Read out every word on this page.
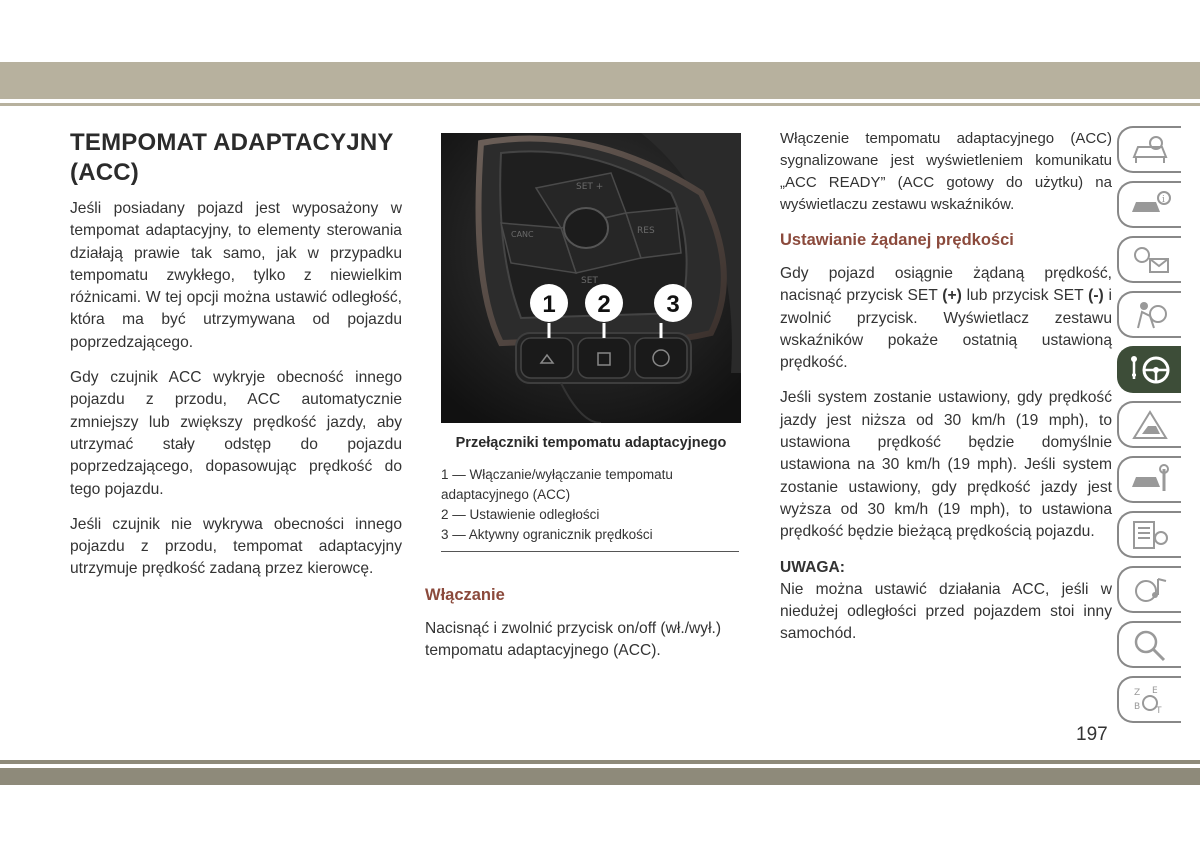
TEMPOMAT ADAPTACYJNY (ACC)

Jeśli posiadany pojazd jest wyposażony w tempomat adaptacyjny, to elementy sterowania działają prawie tak samo, jak w przypadku tempomatu zwykłego, tylko z niewielkim różnicami. W tej opcji można ustawić odległość, która ma być utrzymywana od pojazdu poprzedzającego.

Gdy czujnik ACC wykryje obecność innego pojazdu z przodu, ACC automatycznie zmniejszy lub zwiększy prędkość jazdy, aby utrzymać stały odstęp do pojazdu poprzedzającego, dopasowując prędkość do tego pojazdu.

Jeśli czujnik nie wykrywa obecności innego pojazdu z przodu, tempomat adaptacyjny utrzymuje prędkość zadaną przez kierowcę.

SET +
RES
SET
CANC
1 2 3
Przełączniki tempomatu adaptacyjnego
1 — Włączanie/wyłączanie tempomatu adaptacyjnego (ACC)
2 — Ustawienie odległości
3 — Aktywny ogranicznik prędkości
Włączanie

Nacisnąć i zwolnić przycisk on/off (wł./wył.) tempomatu adaptacyjnego (ACC).

Włączenie tempomatu adaptacyjnego (ACC) sygnalizowane jest wyświetleniem komunikatu „ACC READY” (ACC gotowy do użytku) na wyświetlaczu zestawu wskaźników.

Ustawianie żądanej prędkości

Gdy pojazd osiągnie żądaną prędkość, nacisnąć przycisk SET (+) lub przycisk SET (-) i zwolnić przycisk. Wyświetlacz zestawu wskaźników pokaże ostatnią ustawioną prędkość.

Jeśli system zostanie ustawiony, gdy prędkość jazdy jest niższa od 30 km/h (19 mph), to ustawiona prędkość będzie domyślnie ustawiona na 30 km/h (19 mph). Jeśli system zostanie ustawiony, gdy prędkość jazdy jest wyższa od 30 km/h (19 mph), to ustawiona prędkość będzie bieżącą prędkością pojazdu.

UWAGA:

Nie można ustawić działania ACC, jeśli w niedużej odległości przed pojazdem stoi inny samochód.

i
Z E
B T
197
